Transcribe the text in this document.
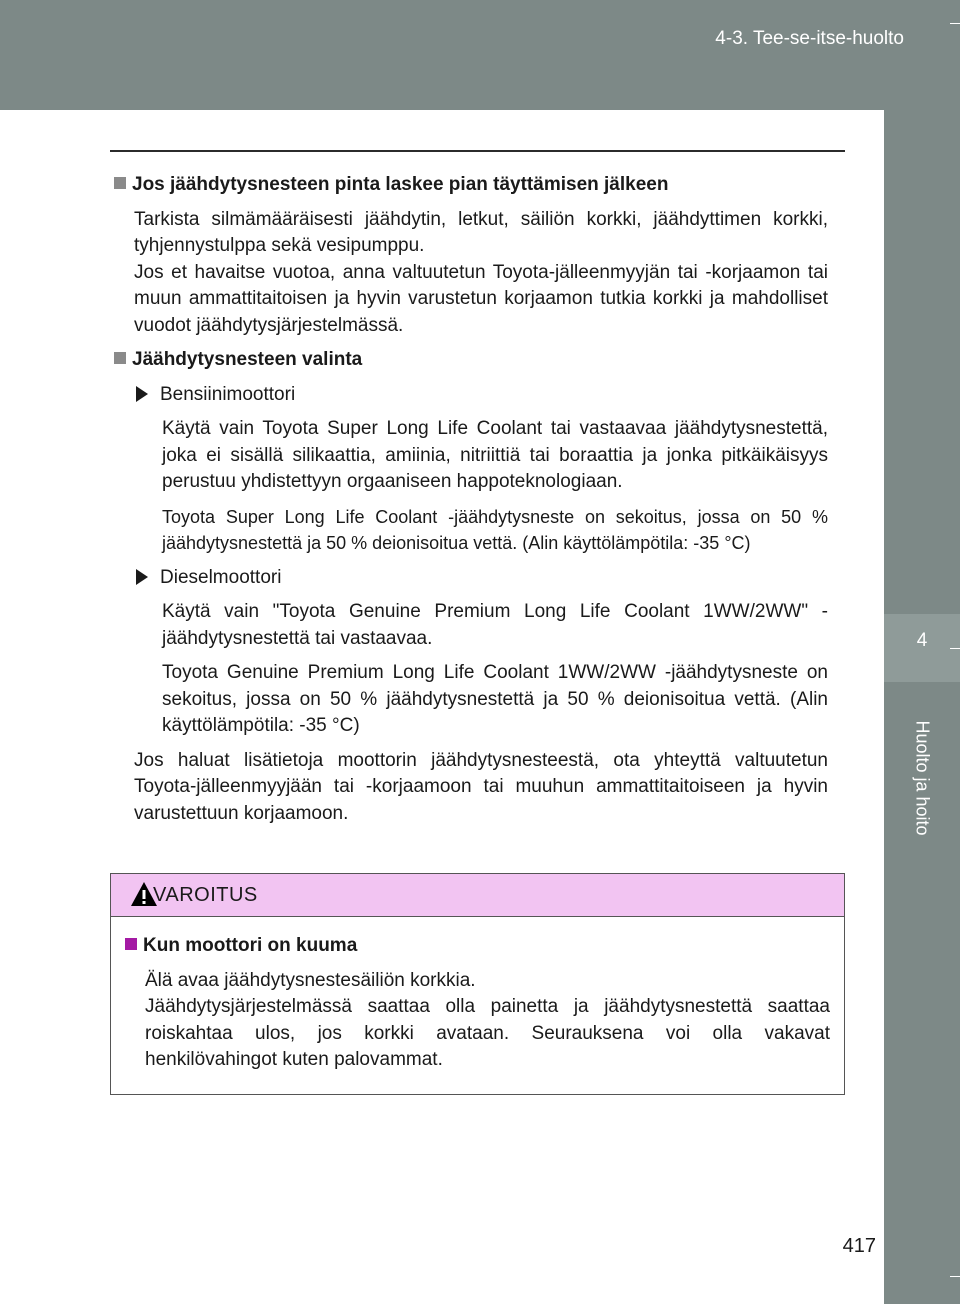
4-3. Tee-se-itse-huolto
4
Huolto ja hoito
Jos jäähdytysnesteen pinta laskee pian täyttämisen jälkeen

Tarkista silmämääräisesti jäähdytin, letkut, säiliön korkki, jäähdyttimen korkki, tyhjennystulppa sekä vesipumppu.

Jos et havaitse vuotoa, anna valtuutetun Toyota-jälleenmyyjän tai -korjaamon tai muun ammattitaitoisen ja hyvin varustetun korjaamon tutkia korkki ja mahdolliset vuodot jäähdytysjärjestelmässä.

Jäähdytysnesteen valinta
Bensiinimoottori
Käytä vain Toyota Super Long Life Coolant tai vastaavaa jäähdytysnestettä, joka ei sisällä silikaattia, amiinia, nitriittiä tai boraattia ja jonka pitkäikäisyys perustuu yhdistettyyn orgaaniseen happoteknologiaan.
Toyota Super Long Life Coolant -jäähdytysneste on sekoitus, jossa on 50 % jäähdytysnestettä ja 50 % deionisoitua vettä. (Alin käyttölämpötila: -35 °C)
Dieselmoottori
Käytä vain "Toyota Genuine Premium Long Life Coolant 1WW/2WW" -jäähdytysnestettä tai vastaavaa.
Toyota Genuine Premium Long Life Coolant 1WW/2WW -jäähdytysneste on sekoitus, jossa on 50 % jäähdytysnestettä ja 50 % deionisoitua vettä. (Alin käyttölämpötila: -35 °C)
Jos haluat lisätietoja moottorin jäähdytysnesteestä, ota yhteyttä valtuutetun Toyota-jälleenmyyjään tai -korjaamoon tai muuhun ammattitaitoiseen ja hyvin varustettuun korjaamoon.
VAROITUS
Kun moottori on kuuma

Älä avaa jäähdytysnestesäiliön korkkia.

Jäähdytysjärjestelmässä saattaa olla painetta ja jäähdytysnestettä saattaa roiskahtaa ulos, jos korkki avataan. Seurauksena voi olla vakavat henkilövahingot kuten palovammat.

417
